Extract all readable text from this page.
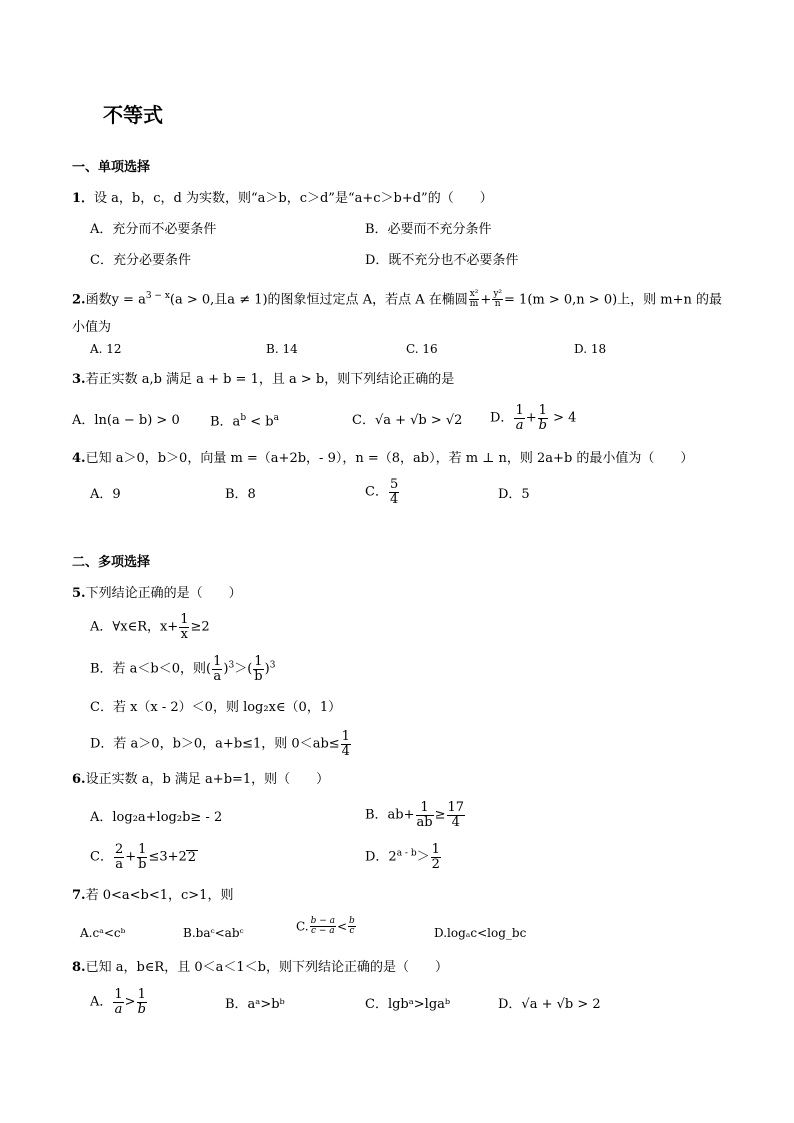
不等式
一、单项选择
1．设 a，b，c，d 为实数，则“a＞b，c＞d”是“a+c＞b+d”的（　　）
A．充分而不必要条件	B．必要而不充分条件
C．充分必要条件	D．既不充分也不必要条件
2.函数$y = a^{3 - x}(a > 0$,且a ≠ 1)的图象恒过定点 A，若点 A 在椭圆 $\frac{\text{x²}}{m} + \frac{\text{y²}}{n} = 1(m > 0,n > 0)$上，则 m+n 的最
小值为
A. 12	B. 14	C. 16	D. 18
3.若正实数 a,b 满足 a + b = 1，且 a > b，则下列结论正确的是
A．ln(a − b) > 0 B．$a^b < b^a$	C．√a + √b > √2 D． $\frac{1}{a} + \frac{1}{b} > 4$
4.已知 a＞0，b＞0，向量 m =（a+2b，- 9），n =（8，ab），若 m ⊥ n，则 2a+b 的最小值为（　　）
A．9	B．8	C． $\frac{5}{4}$	D．5
二、多项选择
5.下列结论正确的是（　　）
A．∀x∈R，$x+ \frac{1}{x} \ge 2$
B．若 a＜b＜0，则( $\frac{1}{a} )^3>( \frac{1}{b} )^3$
C．若 x（x - 2）＜0，则 log₂x∈（0，1）
D．若 a＞0，b＞0，a+b≤1，则 $0<ab\le \frac{1}{4}$
6.设正实数 a，b 满足 a+b=1，则（　　）
A．log₂a+log₂b≥ - 2	B．$ab+ \frac{1}{ab} \ge \frac{17}{4}$
C． $\frac{2}{a} + \frac{1}{b} \le 3+22$	D．$2^{a - b}> \frac{1}{2}$
7.若 0<a<b<1，c>1，则
A.cᵃ<cᵇ	B.baᶜ<abᶜ	C. $\frac{b - a}{c - a} < \frac{b}{c}$	D.logₐc<log_bc
8.已知 a，b∈R，且 0＜a＜1＜b，则下列结论正确的是（　　）
A． $\frac{1}{a} > \frac{1}{b}$	B．aᵃ>bᵇ	C．lgbᵃ>lgaᵇ	D．√a + √b > 2
